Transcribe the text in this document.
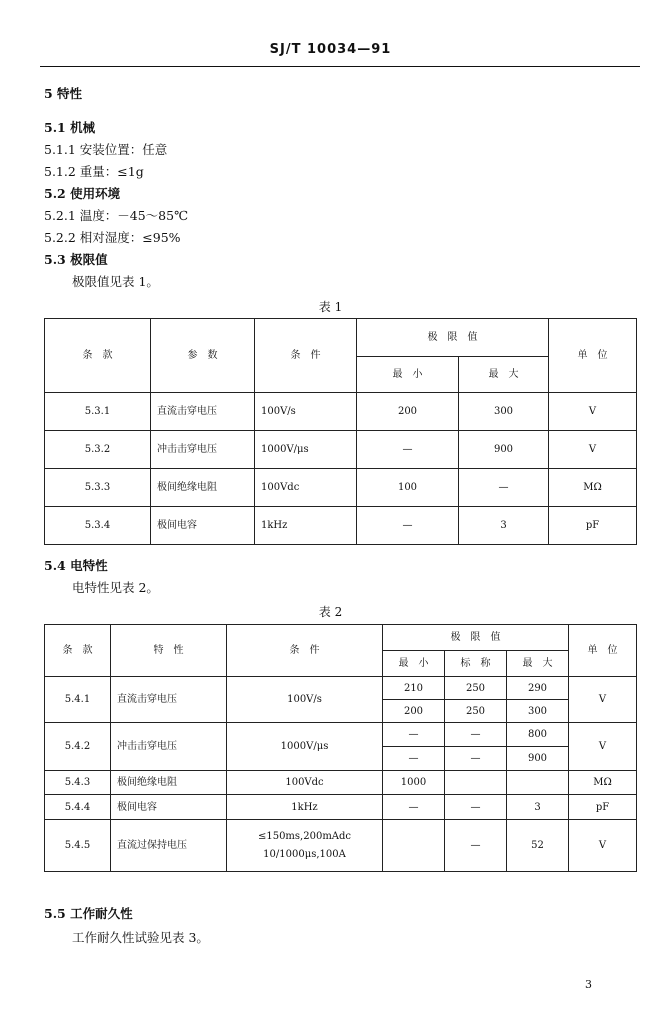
SJ/T 10034—91
5 特性
5.1 机械
5.1.1 安装位置：任意
5.1.2 重量：≤1g
5.2 使用环境
5.2.1 温度：－45～85℃
5.2.2 相对湿度：≤95%
5.3 极限值
极限值见表 1。
表 1
条　款	参　数	条　件	极　限　值		单　位
			最　小	最　大	
5.3.1	直流击穿电压	100V/s	200	300	V
5.3.2	冲击击穿电压	1000V/μs	—	900	V
5.3.3	极间绝缘电阻	100Vdc	100	—	MΩ
5.3.4	极间电容	1kHz	—	3	pF
5.4 电特性
电特性见表 2。
表 2
条　款	特　性	条　件	极　限　值			单　位
			最　小	标　称	最　大	
5.4.1	直流击穿电压	100V/s	210	250	290	V
			200	250	300	
5.4.2	冲击击穿电压	1000V/μs	—	—	800	V
			—	—	900	
5.4.3	极间绝缘电阻	100Vdc	1000			MΩ
5.4.4	极间电容	1kHz	—	—	3	pF
5.4.5	直流过保持电压	≤150ms,200mAdc
10/1000μs,100A		—	52	V
5.5 工作耐久性
工作耐久性试验见表 3。
3
